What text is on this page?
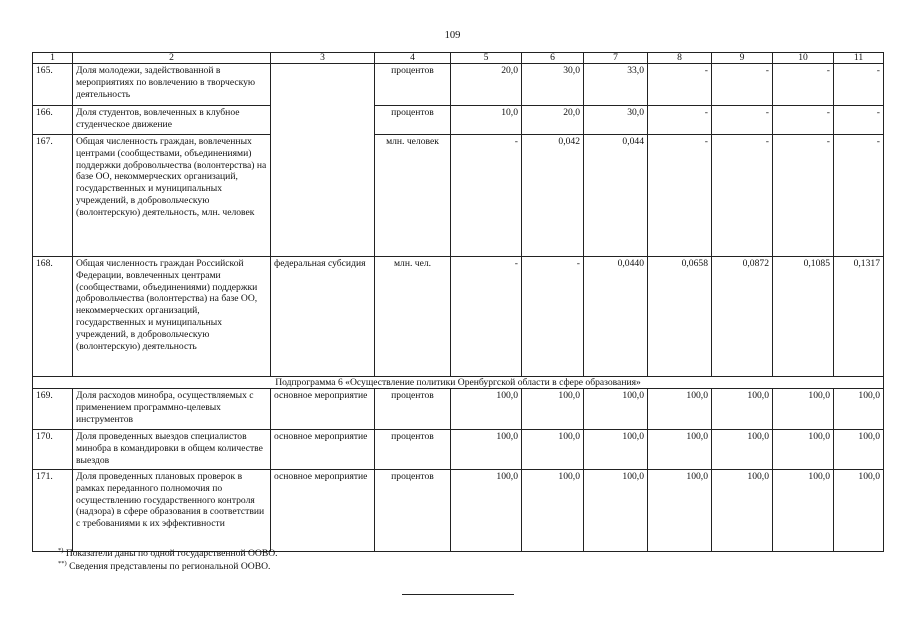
109
1	2	3	4	5	6	7	8	9	10	11
165.	Доля молодежи, задействованной в мероприятиях по вовлечению в творческую деятельность		процентов	20,0	30,0	33,0	-	-	-	-
166.	Доля студентов, вовлеченных в клубное студенческое движение		процентов	10,0	20,0	30,0	-	-	-	-
167.	Общая численность граждан, вовлеченных центрами (сообществами, объединениями) поддержки добровольчества (волонтерства) на базе ОО, некоммерческих организаций, государственных и муниципальных учреждений, в добровольческую (волонтерскую) деятельность, млн. человек		млн. человек	-	0,042	0,044	-	-	-	-
168.	Общая численность граждан Российской Федерации, вовлеченных центрами (сообществами, объединениями) поддержки добровольчества (волонтерства) на базе ОО, некоммерческих организаций, государственных и муниципальных учреждений, в добровольческую (волонтерскую) деятельность	федеральная субсидия	млн. чел.	-	-	0,0440	0,0658	0,0872	0,1085	0,1317
Подпрограмма 6 «Осуществление политики Оренбургской области в сфере образования»										
169.	Доля расходов минобра, осуществляемых с применением программно-целевых инструментов	основное мероприятие	процентов	100,0	100,0	100,0	100,0	100,0	100,0	100,0
170.	Доля проведенных выездов специалистов минобра в командировки в общем количестве выездов	основное мероприятие	процентов	100,0	100,0	100,0	100,0	100,0	100,0	100,0
171.	Доля проведенных плановых проверок в рамках переданного полномочия по осуществлению государственного контроля (надзора) в сфере образования в соответствии с требованиями к их эффективности	основное мероприятие	процентов	100,0	100,0	100,0	100,0	100,0	100,0	100,0
*) Показатели даны по одной государственной ООВО.
**) Сведения представлены по региональной ООВО.
